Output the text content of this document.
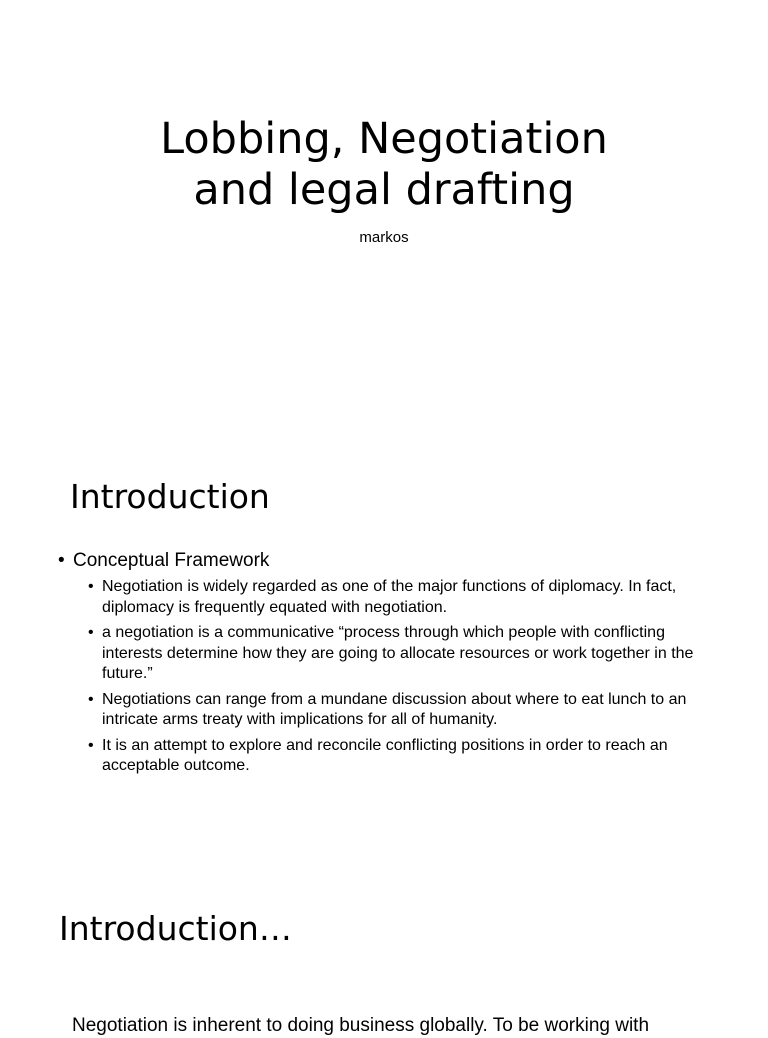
Lobbing, Negotiation
and legal drafting

markos

Introduction
• Conceptual Framework
• Negotiation is widely regarded as one of the major functions of diplomacy. In fact, diplomacy is frequently equated with negotiation.
• a negotiation is a communicative “process through which people with conflicting interests determine how they are going to allocate resources or work together in the future.”
• Negotiations can range from a mundane discussion about where to eat lunch to an intricate arms treaty with implications for all of humanity.
• It is an attempt to explore and reconcile conflicting positions in order to reach an acceptable outcome.
Introduction…

Negotiation is inherent to doing business globally. To be working with
